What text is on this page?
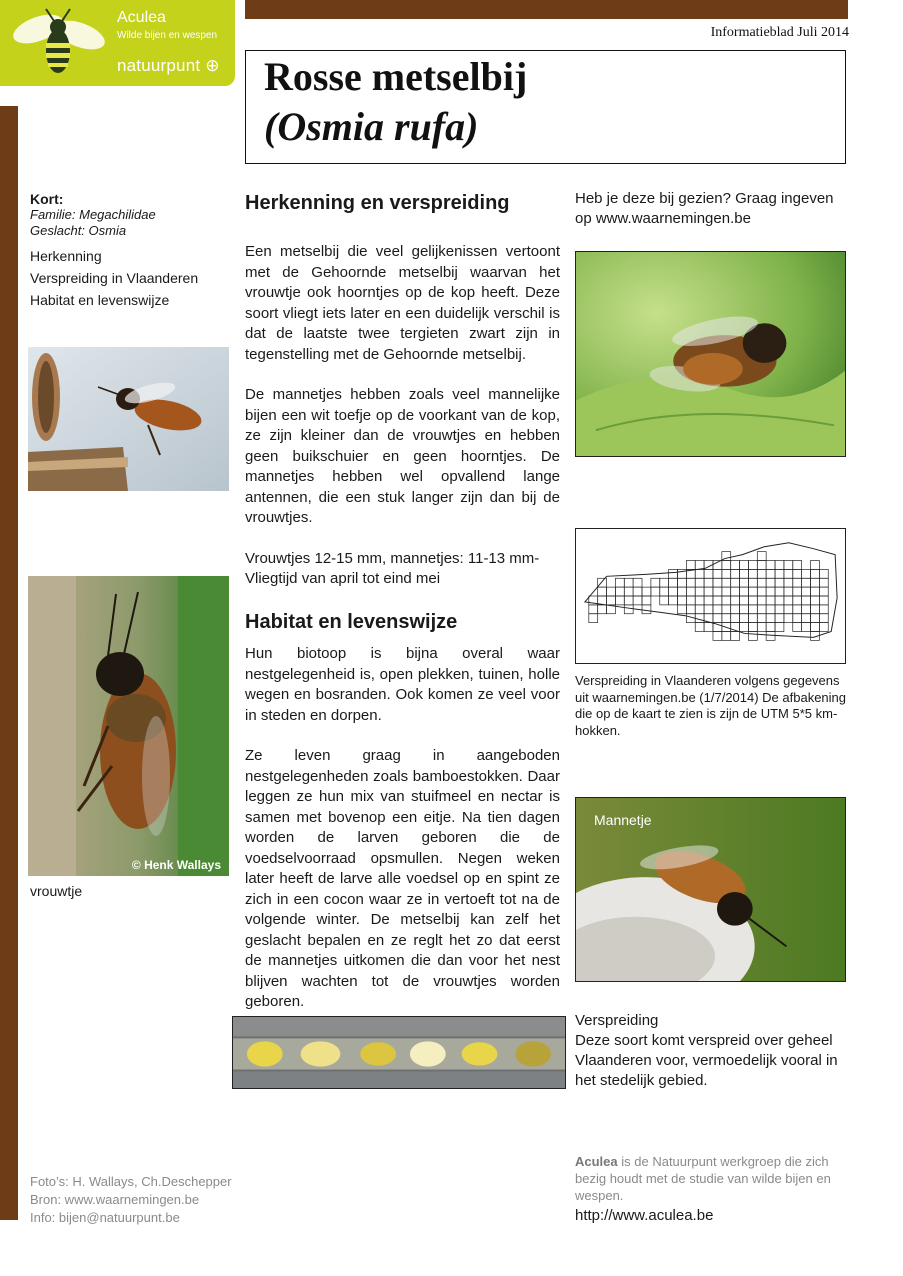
Aculea
Wilde bijen en wespen
natuurpunt ⊕
Informatieblad Juli 2014
Rosse metselbij
(Osmia rufa)
Kort:
Familie: Megachilidae
Geslacht: Osmia
Herkenning
Verspreiding in Vlaanderen
Habitat en levenswijze
© Henk Wallays
vrouwtje
Herkenning en verspreiding

Een metselbij die veel gelijkenissen vertoont met de Gehoornde metselbij waarvan het vrouwtje ook hoorntjes op de kop heeft. Deze soort vliegt iets later en een duidelijk verschil is dat de laatste twee tergieten zwart zijn in tegenstelling met de Gehoornde metselbij.

De mannetjes hebben zoals veel mannelijke bijen een wit toefje op de voorkant van de kop, ze zijn kleiner dan de vrouwtjes en hebben geen buikschuier en geen hoorntjes. De mannetjes hebben wel opvallend lange antennen, die een stuk langer zijn dan bij de vrouwtjes.

Vrouwtjes 12-15 mm, mannetjes: 11-13 mm-

Vliegtijd van april tot eind mei

Habitat en levenswijze

Hun biotoop is bijna overal waar nestgelegenheid is, open plekken, tuinen, holle wegen en bosranden. Ook komen ze veel voor in steden en dorpen.

Ze leven graag in aangeboden nestgelegenheden zoals bamboestokken. Daar leggen ze hun mix van stuifmeel en nectar is samen met bovenop een eitje. Na tien dagen worden de larven geboren die de voedselvoorraad opsmullen. Negen weken later heeft de larve alle voedsel op en spint ze zich in een cocon waar ze in vertoeft tot na de volgende winter. De metselbij kan zelf het geslacht bepalen en ze reglt het zo dat eerst de mannetjes uitkomen die dan voor het nest blijven wachten tot de vrouwtjes worden geboren.

Heb je deze bij gezien? Graag ingeven op www.waarnemingen.be
Verspreiding in Vlaanderen volgens gegevens uit waarnemingen.be (1/7/2014) De afbakening die op de kaart te zien is zijn de UTM 5*5 km-hokken.
Mannetje
Verspreiding
Deze soort komt verspreid over geheel Vlaanderen voor, vermoedelijk vooral in het stedelijk gebied.
Foto’s: H. Wallays, Ch.Deschepper
Bron: www.waarnemingen.be
Info: bijen@natuurpunt.be
Aculea is de Natuurpunt werkgroep die zich bezig houdt met de studie van wilde bijen en wespen.
http://www.aculea.be
